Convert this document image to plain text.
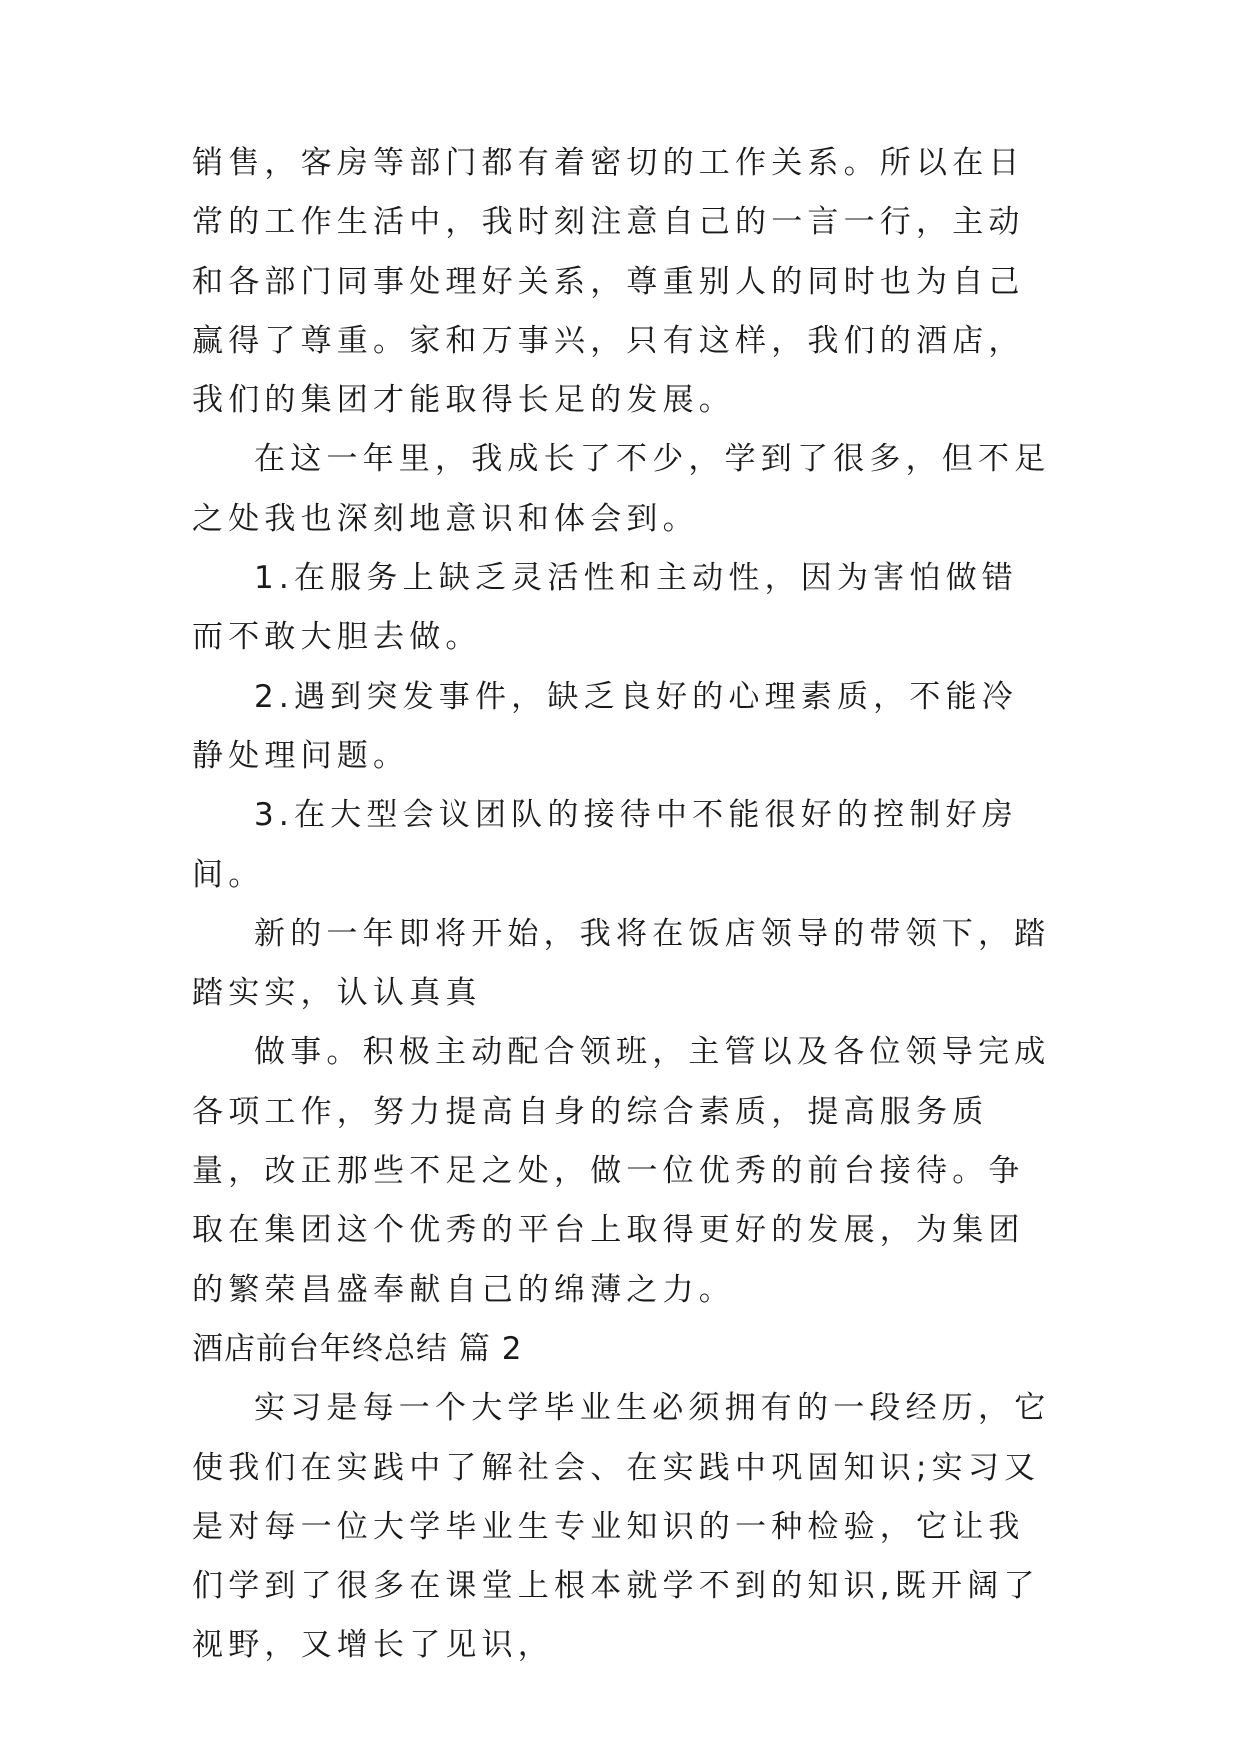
销售，客房等部门都有着密切的工作关系。所以在日常的工作生活中，我时刻注意自己的一言一行，主动和各部门同事处理好关系，尊重别人的同时也为自己赢得了尊重。家和万事兴，只有这样，我们的酒店，我们的集团才能取得长足的发展。

在这一年里，我成长了不少，学到了很多，但不足之处我也深刻地意识和体会到。

1.在服务上缺乏灵活性和主动性，因为害怕做错而不敢大胆去做。

2.遇到突发事件，缺乏良好的心理素质，不能冷静处理问题。

3.在大型会议团队的接待中不能很好的控制好房间。

新的一年即将开始，我将在饭店领导的带领下，踏踏实实，认认真真

做事。积极主动配合领班，主管以及各位领导完成各项工作，努力提高自身的综合素质，提高服务质量，改正那些不足之处，做一位优秀的前台接待。争取在集团这个优秀的平台上取得更好的发展，为集团的繁荣昌盛奉献自己的绵薄之力。

酒店前台年终总结 篇 2

实习是每一个大学毕业生必须拥有的一段经历，它使我们在实践中了解社会、在实践中巩固知识;实习又是对每一位大学毕业生专业知识的一种检验，它让我们学到了很多在课堂上根本就学不到的知识,既开阔了视野，又增长了见识，
